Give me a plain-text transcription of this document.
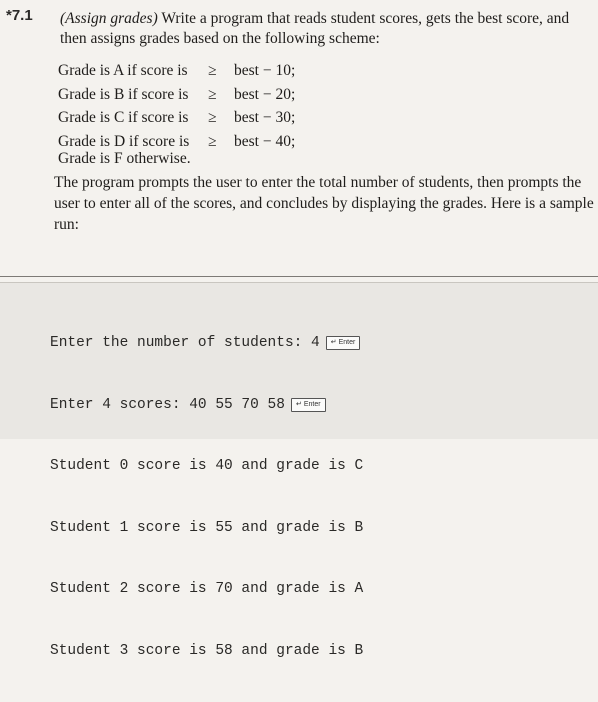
*7.1 (Assign grades) Write a program that reads student scores, gets the best score, and then assigns grades based on the following scheme:
Grade is A if score is ≥ best − 10;
Grade is B if score is ≥ best − 20;
Grade is C if score is ≥ best − 30;
Grade is D if score is ≥ best − 40;
Grade is F otherwise.
The program prompts the user to enter the total number of students, then prompts the user to enter all of the scores, and concludes by displaying the grades. Here is a sample run:

Enter the number of students: 4 ↵ Enter

Enter 4 scores: 40 55 70 58 ↵ Enter

Student 0 score is 40 and grade is C

Student 1 score is 55 and grade is B

Student 2 score is 70 and grade is A

Student 3 score is 58 and grade is B
